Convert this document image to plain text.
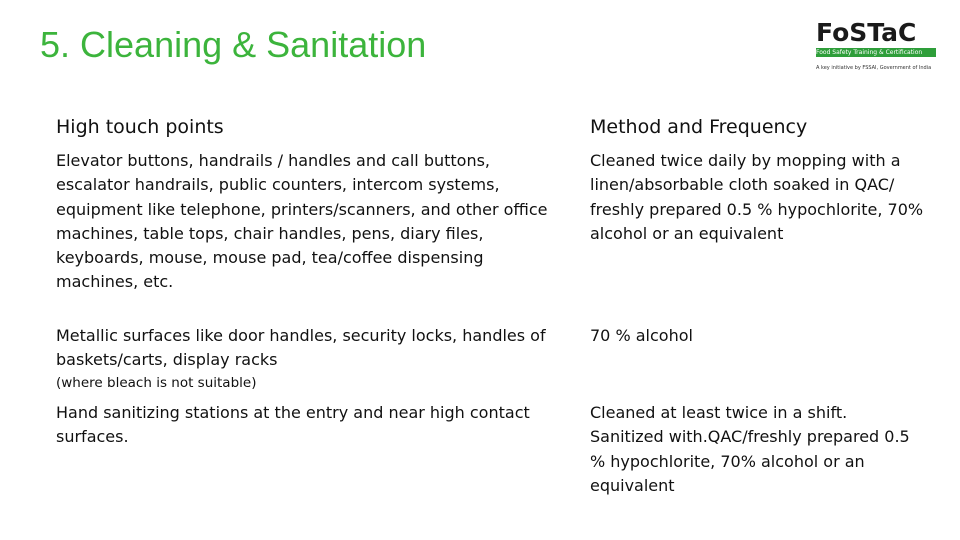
5. Cleaning & Sanitation	FoSTaC
Food Safety Training & Certification
A key initiative by FSSAI, Government of India
High touch points	Method and Frequency
Elevator buttons, handrails / handles and call buttons, escalator handrails, public counters, intercom systems, equipment like telephone, printers/scanners, and other office machines, table tops, chair handles, pens, diary files, keyboards, mouse, mouse pad, tea/coffee dispensing machines, etc.
Cleaned twice daily by mopping with a linen/absorbable cloth soaked in QAC/ freshly prepared 0.5 % hypochlorite, 70% alcohol or an equivalent
Metallic surfaces like door handles, security locks, handles of baskets/carts, display racks
(where bleach is not suitable)
70 % alcohol
Hand sanitizing stations at the entry and near high contact surfaces.
Cleaned at least twice in a shift. Sanitized with.QAC/freshly prepared 0.5 % hypochlorite, 70% alcohol or an equivalent
